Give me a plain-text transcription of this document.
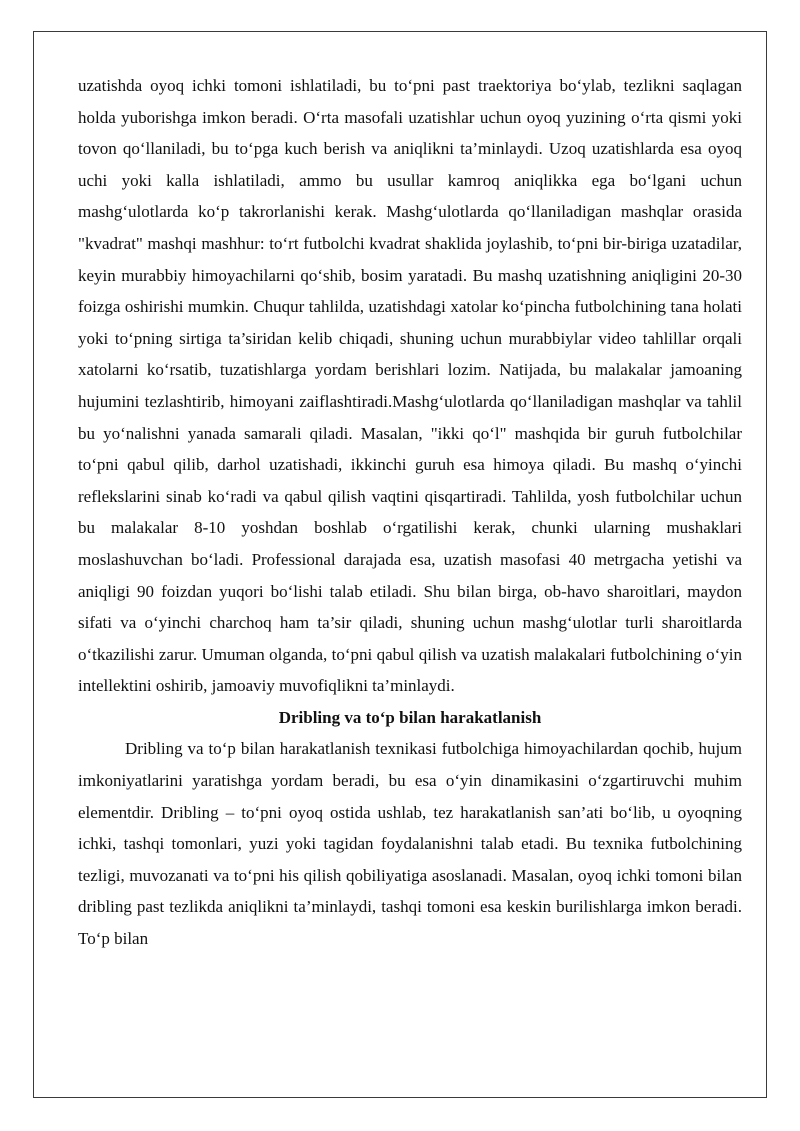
uzatishda oyoq ichki tomoni ishlatiladi, bu to‘pni past traektoriya bo‘ylab, tezlikni saqlagan holda yuborishga imkon beradi. O‘rta masofali uzatishlar uchun oyoq yuzining o‘rta qismi yoki tovon qo‘llaniladi, bu to‘pga kuch berish va aniqlikni ta’minlaydi. Uzoq uzatishlarda esa oyoq uchi yoki kalla ishlatiladi, ammo bu usullar kamroq aniqlikka ega bo‘lgani uchun mashg‘ulotlarda ko‘p takrorlanishi kerak. Mashg‘ulotlarda qo‘llaniladigan mashqlar orasida "kvadrat" mashqi mashhur: to‘rt futbolchi kvadrat shaklida joylashib, to‘pni bir-biriga uzatadilar, keyin murabbiy himoyachilarni qo‘shib, bosim yaratadi. Bu mashq uzatishning aniqligini 20-30 foizga oshirishi mumkin. Chuqur tahlilda, uzatishdagi xatolar ko‘pincha futbolchining tana holati yoki to‘pning sirtiga ta’siridan kelib chiqadi, shuning uchun murabbiylar video tahlillar orqali xatolarni ko‘rsatib, tuzatishlarga yordam berishlari lozim. Natijada, bu malakalar jamoaning hujumini tezlashtirib, himoyani zaiflashtiradi.Mashg‘ulotlarda qo‘llaniladigan mashqlar va tahlil bu yo‘nalishni yanada samarali qiladi. Masalan, "ikki qo‘l" mashqida bir guruh futbolchilar to‘pni qabul qilib, darhol uzatishadi, ikkinchi guruh esa himoya qiladi. Bu mashq o‘yinchi reflekslarini sinab ko‘radi va qabul qilish vaqtini qisqartiradi. Tahlilda, yosh futbolchilar uchun bu malakalar 8-10 yoshdan boshlab o‘rgatilishi kerak, chunki ularning mushaklari moslashuvchan bo‘ladi. Professional darajada esa, uzatish masofasi 40 metrgacha yetishi va aniqligi 90 foizdan yuqori bo‘lishi talab etiladi. Shu bilan birga, ob-havo sharoitlari, maydon sifati va o‘yinchi charchoq ham ta’sir qiladi, shuning uchun mashg‘ulotlar turli sharoitlarda o‘tkazilishi zarur. Umuman olganda, to‘pni qabul qilish va uzatish malakalari futbolchining o‘yin intellektini oshirib, jamoaviy muvofiqlikni ta’minlaydi.

Dribling va to‘p bilan harakatlanish

Dribling va to‘p bilan harakatlanish texnikasi futbolchiga himoyachilardan qochib, hujum imkoniyatlarini yaratishga yordam beradi, bu esa o‘yin dinamikasini o‘zgartiruvchi muhim elementdir. Dribling – to‘pni oyoq ostida ushlab, tez harakatlanish san’ati bo‘lib, u oyoqning ichki, tashqi tomonlari, yuzi yoki tagidan foydalanishni talab etadi. Bu texnika futbolchining tezligi, muvozanati va to‘pni his qilish qobiliyatiga asoslanadi. Masalan, oyoq ichki tomoni bilan dribling past tezlikda aniqlikni ta’minlaydi, tashqi tomoni esa keskin burilishlarga imkon beradi. To‘p bilan
